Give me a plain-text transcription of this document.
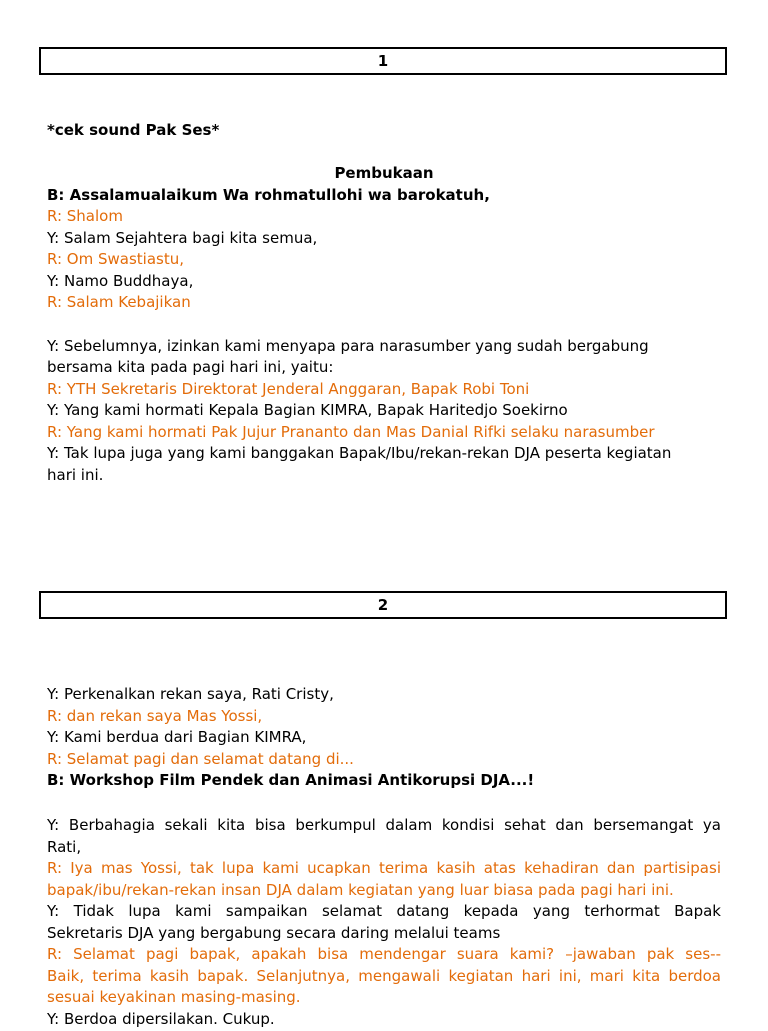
1
*cek sound Pak Ses*
Pembukaan
B: Assalamualaikum Wa rohmatullohi wa barokatuh,
R: Shalom
Y: Salam Sejahtera bagi kita semua,
R: Om Swastiastu,
Y: Namo Buddhaya,
R: Salam Kebajikan
Y: Sebelumnya, izinkan kami menyapa para narasumber yang sudah bergabung
bersama kita pada pagi hari ini, yaitu:
R: YTH Sekretaris Direktorat Jenderal Anggaran, Bapak Robi Toni
Y: Yang kami hormati Kepala Bagian KIMRA, Bapak Haritedjo Soekirno
R: Yang kami hormati Pak Jujur Prananto dan Mas Danial Rifki selaku narasumber
Y: Tak lupa juga yang kami banggakan Bapak/Ibu/rekan-rekan DJA peserta kegiatan
hari ini.
2
Y: Perkenalkan rekan saya, Rati Cristy,
R: dan rekan saya Mas Yossi,
Y: Kami berdua dari Bagian KIMRA,
R: Selamat pagi dan selamat datang di...
B: Workshop Film Pendek dan Animasi Antikorupsi DJA...!

Y: Berbahagia sekali kita bisa berkumpul dalam kondisi sehat dan bersemangat ya

Rati,

R: Iya mas Yossi, tak lupa kami ucapkan terima kasih atas kehadiran dan partisipasi

bapak/ibu/rekan-rekan insan DJA dalam kegiatan yang luar biasa pada pagi hari ini.

Y: Tidak lupa kami sampaikan selamat datang kepada yang terhormat Bapak

Sekretaris DJA yang bergabung secara daring melalui teams

R: Selamat pagi bapak, apakah bisa mendengar suara kami? –jawaban pak ses--

Baik, terima kasih bapak. Selanjutnya, mengawali kegiatan hari ini, mari kita berdoa

sesuai keyakinan masing-masing.

Y: Berdoa dipersilakan. Cukup.
